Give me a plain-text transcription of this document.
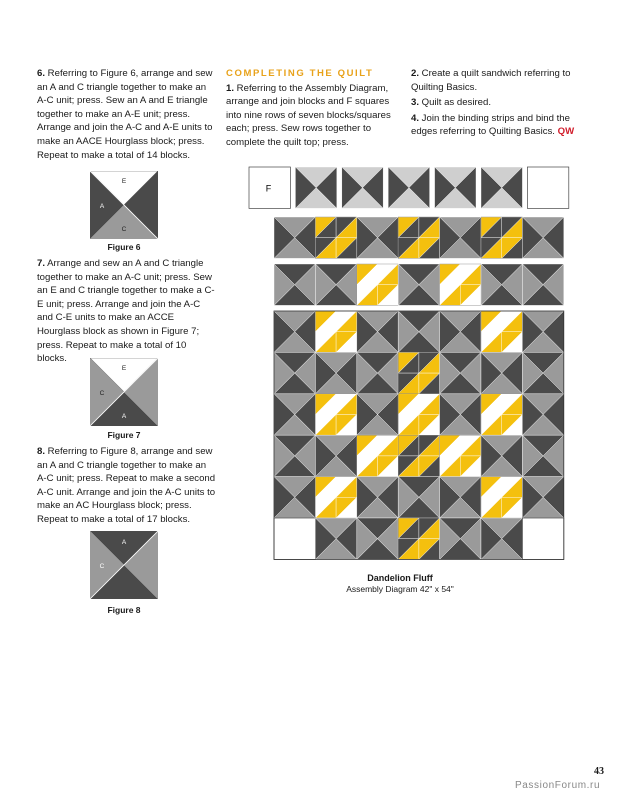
6. Referring to Figure 6, arrange and sew an A and C triangle together to make an A-C unit; press. Sew an A and E triangle together to make an A-E unit; press. Arrange and join the A-C and A-E units to make an AACE Hourglass block; press. Repeat to make a total of 14 blocks.

E
A
C
Figure 6

7. Arrange and sew an A and C triangle together to make an A-C unit; press. Sew an E and C triangle together to make a C-E unit; press. Arrange and join the A-C and C-E units to make an ACCE Hourglass block as shown in Figure 7; press. Repeat to make a total of 10 blocks.

E
C
A
Figure 7

8. Referring to Figure 8, arrange and sew an A and C triangle together to make an A-C unit; press. Repeat to make a second A-C unit. Arrange and join the A-C units to make an AC Hourglass block; press. Repeat to make a total of 17 blocks.

A
C
Figure 8

COMPLETING THE QUILT

1. Referring to the Assembly Diagram, arrange and join blocks and F squares into nine rows of seven blocks/squares each; press. Sew rows together to complete the quilt top; press.

2. Create a quilt sandwich referring to Quilting Basics.

3. Quilt as desired.

4. Join the binding strips and bind the edges referring to Quilting Basics. QW

F
Dandelion Fluff
Assembly Diagram 42" x 54"
43
PassionForum.ru
